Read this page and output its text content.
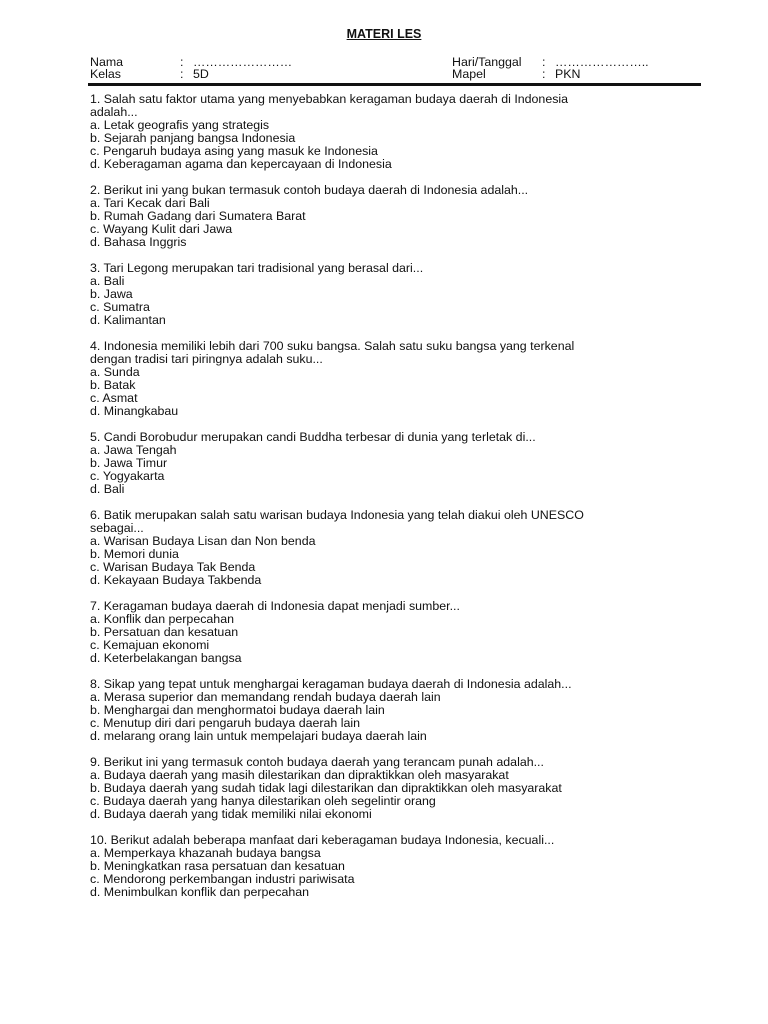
MATERI LES
Nama	: ……………………
Kelas	: 5D
Hari/Tanggal : …………………..
Mapel	: PKN
1. Salah satu faktor utama yang menyebabkan keragaman budaya daerah di Indonesia
adalah...
a. Letak geografis yang strategis
b. Sejarah panjang bangsa Indonesia
c. Pengaruh budaya asing yang masuk ke Indonesia
d. Keberagaman agama dan kepercayaan di Indonesia
2. Berikut ini yang bukan termasuk contoh budaya daerah di Indonesia adalah...
a. Tari Kecak dari Bali
b. Rumah Gadang dari Sumatera Barat
c. Wayang Kulit dari Jawa
d. Bahasa Inggris
3. Tari Legong merupakan tari tradisional yang berasal dari...
a. Bali
b. Jawa
c. Sumatra
d. Kalimantan
4. Indonesia memiliki lebih dari 700 suku bangsa. Salah satu suku bangsa yang terkenal
dengan tradisi tari piringnya adalah suku...
a. Sunda
b. Batak
c. Asmat
d. Minangkabau
5. Candi Borobudur merupakan candi Buddha terbesar di dunia yang terletak di...
a. Jawa Tengah
b. Jawa Timur
c. Yogyakarta
d. Bali
6. Batik merupakan salah satu warisan budaya Indonesia yang telah diakui oleh UNESCO
sebagai...
a. Warisan Budaya Lisan dan Non benda
b. Memori dunia
c. Warisan Budaya Tak Benda
d. Kekayaan Budaya Takbenda
7. Keragaman budaya daerah di Indonesia dapat menjadi sumber...
a. Konflik dan perpecahan
b. Persatuan dan kesatuan
c. Kemajuan ekonomi
d. Keterbelakangan bangsa
8. Sikap yang tepat untuk menghargai keragaman budaya daerah di Indonesia adalah...
a. Merasa superior dan memandang rendah budaya daerah lain
b. Menghargai dan menghormatoi budaya daerah lain
c. Menutup diri dari pengaruh budaya daerah lain
d. melarang orang lain untuk mempelajari budaya daerah lain
9. Berikut ini yang termasuk contoh budaya daerah yang terancam punah adalah...
a. Budaya daerah yang masih dilestarikan dan dipraktikkan oleh masyarakat
b. Budaya daerah yang sudah tidak lagi dilestarikan dan dipraktikkan oleh masyarakat
c. Budaya daerah yang hanya dilestarikan oleh segelintir orang
d. Budaya daerah yang tidak memiliki nilai ekonomi
10. Berikut adalah beberapa manfaat dari keberagaman budaya Indonesia, kecuali...
a. Memperkaya khazanah budaya bangsa
b. Meningkatkan rasa persatuan dan kesatuan
c. Mendorong perkembangan industri pariwisata
d. Menimbulkan konflik dan perpecahan
